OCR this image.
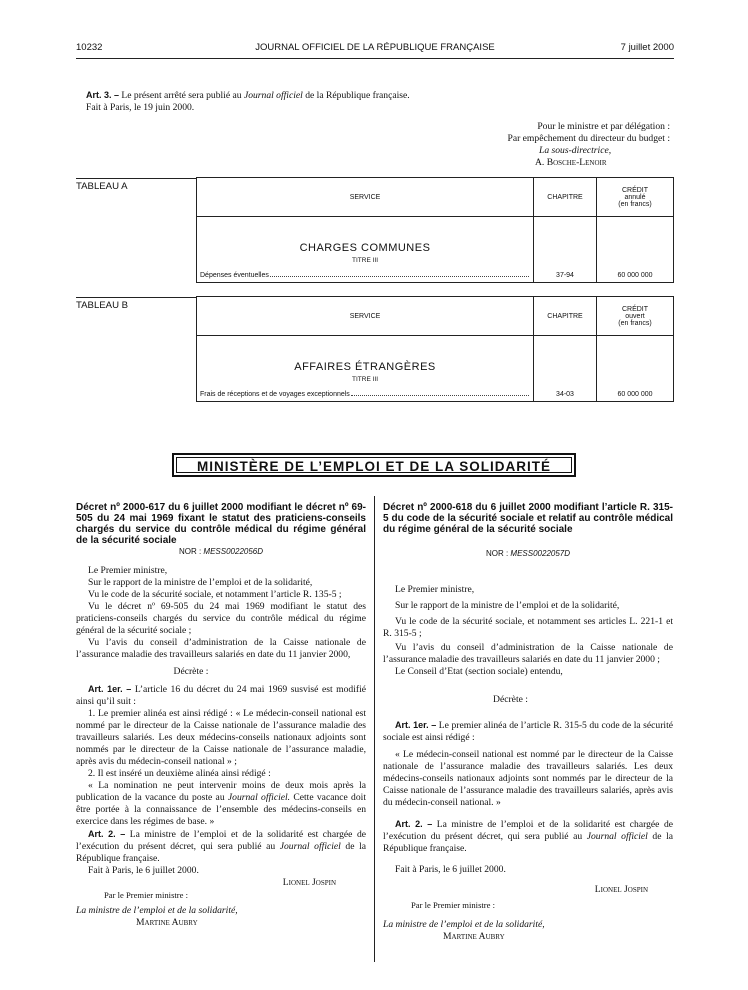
10232	JOURNAL OFFICIEL DE LA RÉPUBLIQUE FRANÇAISE	7 juillet 2000

Art. 3. – Le présent arrêté sera publié au Journal officiel de la République française.

Fait à Paris, le 19 juin 2000.

Pour le ministre et par délégation :

Par empêchement du directeur du budget :

La sous-directrice,

A. Bosche-Lenoir

TABLEAU A
SERVICE	CHAPITRE	CRÉDIT
annulé
(en francs)

CHARGES COMMUNES
TITRE III
Dépenses éventuelles	37-94	60 000 000
TABLEAU B
SERVICE	CHAPITRE	CRÉDIT
ouvert
(en francs)

AFFAIRES ÉTRANGÈRES
TITRE III
Frais de réceptions et de voyages exceptionnels	34-03	60 000 000
MINISTÈRE DE L’EMPLOI ET DE LA SOLIDARITÉ

Décret nº 2000-617 du 6 juillet 2000 modifiant le décret nº 69-505 du 24 mai 1969 fixant le statut des praticiens-conseils chargés du service du contrôle médical du régime général de la sécurité sociale

NOR : MESS0022056D

Le Premier ministre,

Sur le rapport de la ministre de l’emploi et de la solidarité,

Vu le code de la sécurité sociale, et notamment l’article R. 135-5 ;

Vu le décret nº 69-505 du 24 mai 1969 modifiant le statut des praticiens-conseils chargés du service du contrôle médical du régime général de la sécurité sociale ;

Vu l’avis du conseil d’administration de la Caisse nationale de l’assurance maladie des travailleurs salariés en date du 11 janvier 2000,

Décrète :

Art. 1er. – L’article 16 du décret du 24 mai 1969 susvisé est modifié ainsi qu’il suit :

1. Le premier alinéa est ainsi rédigé : « Le médecin-conseil national est nommé par le directeur de la Caisse nationale de l’assurance maladie des travailleurs salariés. Les deux médecins-conseils nationaux adjoints sont nommés par le directeur de la Caisse nationale de l’assurance maladie, après avis du médecin-conseil national » ;

2. Il est inséré un deuxième alinéa ainsi rédigé :

« La nomination ne peut intervenir moins de deux mois après la publication de la vacance du poste au Journal officiel. Cette vacance doit être portée à la connaissance de l’ensemble des médecins-conseils en exercice dans les régimes de base. »

Art. 2. – La ministre de l’emploi et de la solidarité est chargée de l’exécution du présent décret, qui sera publié au Journal officiel de la République française.

Fait à Paris, le 6 juillet 2000.

Lionel Jospin

Par le Premier ministre :

La ministre de l’emploi et de la solidarité,

Martine Aubry

Décret nº 2000-618 du 6 juillet 2000 modifiant l’article R. 315-5 du code de la sécurité sociale et relatif au contrôle médical du régime général de la sécurité sociale

NOR : MESS0022057D

Le Premier ministre,

Sur le rapport de la ministre de l’emploi et de la solidarité,

Vu le code de la sécurité sociale, et notamment ses articles L. 221-1 et R. 315-5 ;

Vu l’avis du conseil d’administration de la Caisse nationale de l’assurance maladie des travailleurs salariés en date du 11 janvier 2000 ;

Le Conseil d’Etat (section sociale) entendu,

Décrète :

Art. 1er. – Le premier alinéa de l’article R. 315-5 du code de la sécurité sociale est ainsi rédigé :

« Le médecin-conseil national est nommé par le directeur de la Caisse nationale de l’assurance maladie des travailleurs salariés. Les deux médecins-conseils nationaux adjoints sont nommés par le directeur de la Caisse nationale de l’assurance maladie des travailleurs salariés, après avis du médecin-conseil national. »

Art. 2. – La ministre de l’emploi et de la solidarité est chargée de l’exécution du présent décret, qui sera publié au Journal officiel de la République française.

Fait à Paris, le 6 juillet 2000.

Lionel Jospin

Par le Premier ministre :

La ministre de l’emploi et de la solidarité,

Martine Aubry
